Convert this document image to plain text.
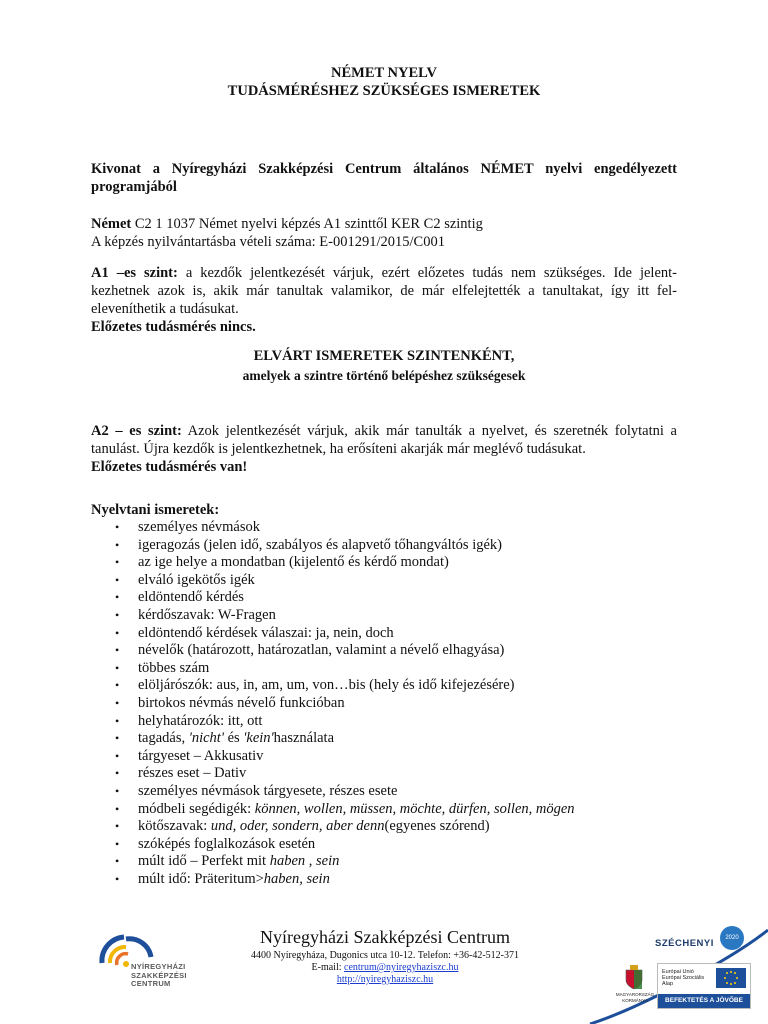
NÉMET NYELV
TUDÁSMÉRÉSHEZ SZÜKSÉGES ISMERETEK
Kivonat a Nyíregyházi Szakképzési Centrum általános NÉMET nyelvi engedélyezett programjából
Német C2 1 1037 Német nyelvi képzés A1 szinttől KER C2 szintig
A képzés nyilvántartásba vételi száma: E-001291/2015/C001
A1 –es szint: a kezdők jelentkezését várjuk, ezért előzetes tudás nem szükséges. Ide jelent-kezhetnek azok is, akik már tanultak valamikor, de már elfelejtették a tanultakat, így itt fel-eleveníthetik a tudásukat.
Előzetes tudásmérés nincs.
ELVÁRT ISMERETEK SZINTENKÉNT,
amelyek a szintre történő belépéshez szükségesek
A2 – es szint: Azok jelentkezését várjuk, akik már tanulták a nyelvet, és szeretnék folytatni a tanulást. Újra kezdők is jelentkezhetnek, ha erősíteni akarják már meglévő tudásukat.
Előzetes tudásmérés van!
Nyelvtani ismeretek:
• személyes névmások
• igeragozás (jelen idő, szabályos és alapvető tőhangváltós igék)
• az ige helye a mondatban (kijelentő és kérdő mondat)
• elváló igekötős igék
• eldöntendő kérdés
• kérdőszavak: W-Fragen
• eldöntendő kérdések válaszai: ja, nein, doch
• névelők (határozott, határozatlan, valamint a névelő elhagyása)
• többes szám
• elöljárószók: aus, in, am, um, von…bis (hely és idő kifejezésére)
• birtokos névmás névelő funkcióban
• helyhatározók: itt, ott
• tagadás, 'nicht' és 'kein'használata
• tárgyeset – Akkusativ
• részes eset – Dativ
• személyes névmások tárgyesete, részes esete
• módbeli segédigék: können, wollen, müssen, möchte, dürfen, sollen, mögen
• kötőszavak: und, oder, sondern, aber denn(egyenes szórend)
• szóképés foglalkozások esetén
• múlt idő – Perfekt mit haben , sein
• múlt idő: Präteritum>haben, sein
NYÍREGYHÁZI
SZAKKÉPZÉSI
CENTRUM
Nyíregyházi Szakképzési Centrum
4400 Nyíregyháza, Dugonics utca 10-12. Telefon: +36-42-512-371
E-mail: centrum@nyiregyhaziszc.hu
http://nyiregyhaziszc.hu
SZÉCHENYI	2020
MAGYARORSZÁG
KORMÁNYA
Európai Unió
Európai Szociális
Alap
BEFEKTETÉS A JÖVŐBE
